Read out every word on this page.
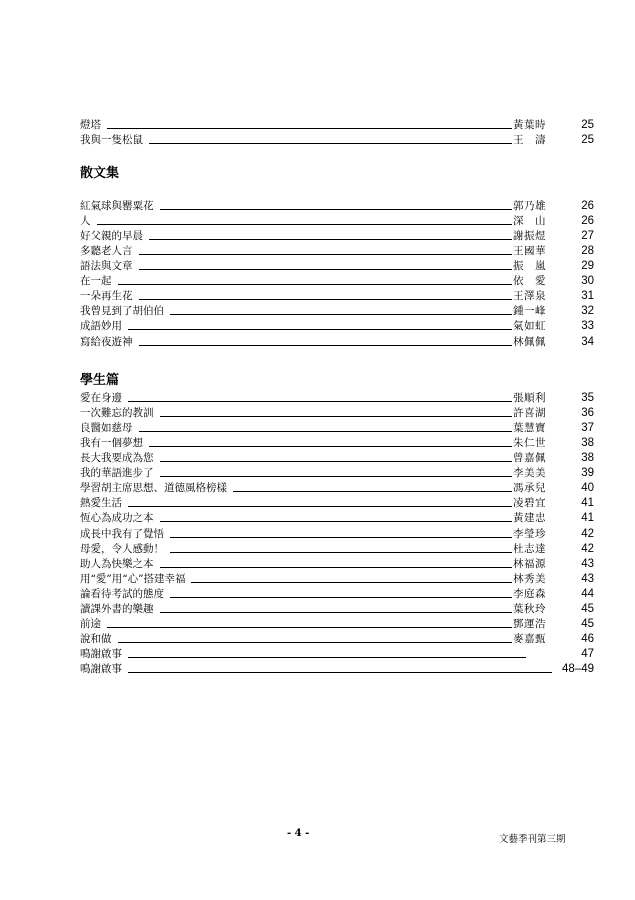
- 4 -
文藝季刊第三期
燈塔	黃葉時	25
我與一隻松鼠	王　濤	25
散文集
紅氣球與罌粟花	郭乃雄	26
人	深　山	26
好父親的早晨	謝振煜	27
多聽老人言	王國華	28
語法與文章	振　嵐	29
在一起	依　愛	30
一朵再生花	王澤泉	31
我曾見到了胡伯伯	鍾一峰	32
成語妙用	氣如虹	33
寫給夜遊神	林佩佩	34
學生篇
愛在身邊	張順利	35
一次難忘的教訓	許喜湖	36
良醫如慈母	葉慧寶	37
我有一個夢想	朱仁世	38
長大我要成為您	曾嘉佩	38
我的華語進步了	李美美	39
學習胡主席思想、道德風格榜樣	馮承兒	40
熱愛生活	凌碧宜	41
恆心為成功之本	黃建忠	41
成長中我有了覺悟	李瑩珍	42
母愛，令人感動！	杜志達	42
助人為快樂之本	林福源	43
用“愛”用“心”搭建幸福	林秀美	43
論看待考試的態度	李庭森	44
讀課外書的樂趣	葉秋玲	45
前途	鄧運浩	45
說和做	麥嘉甄	46
鳴謝啟事	47
鳴謝啟事	48–49
